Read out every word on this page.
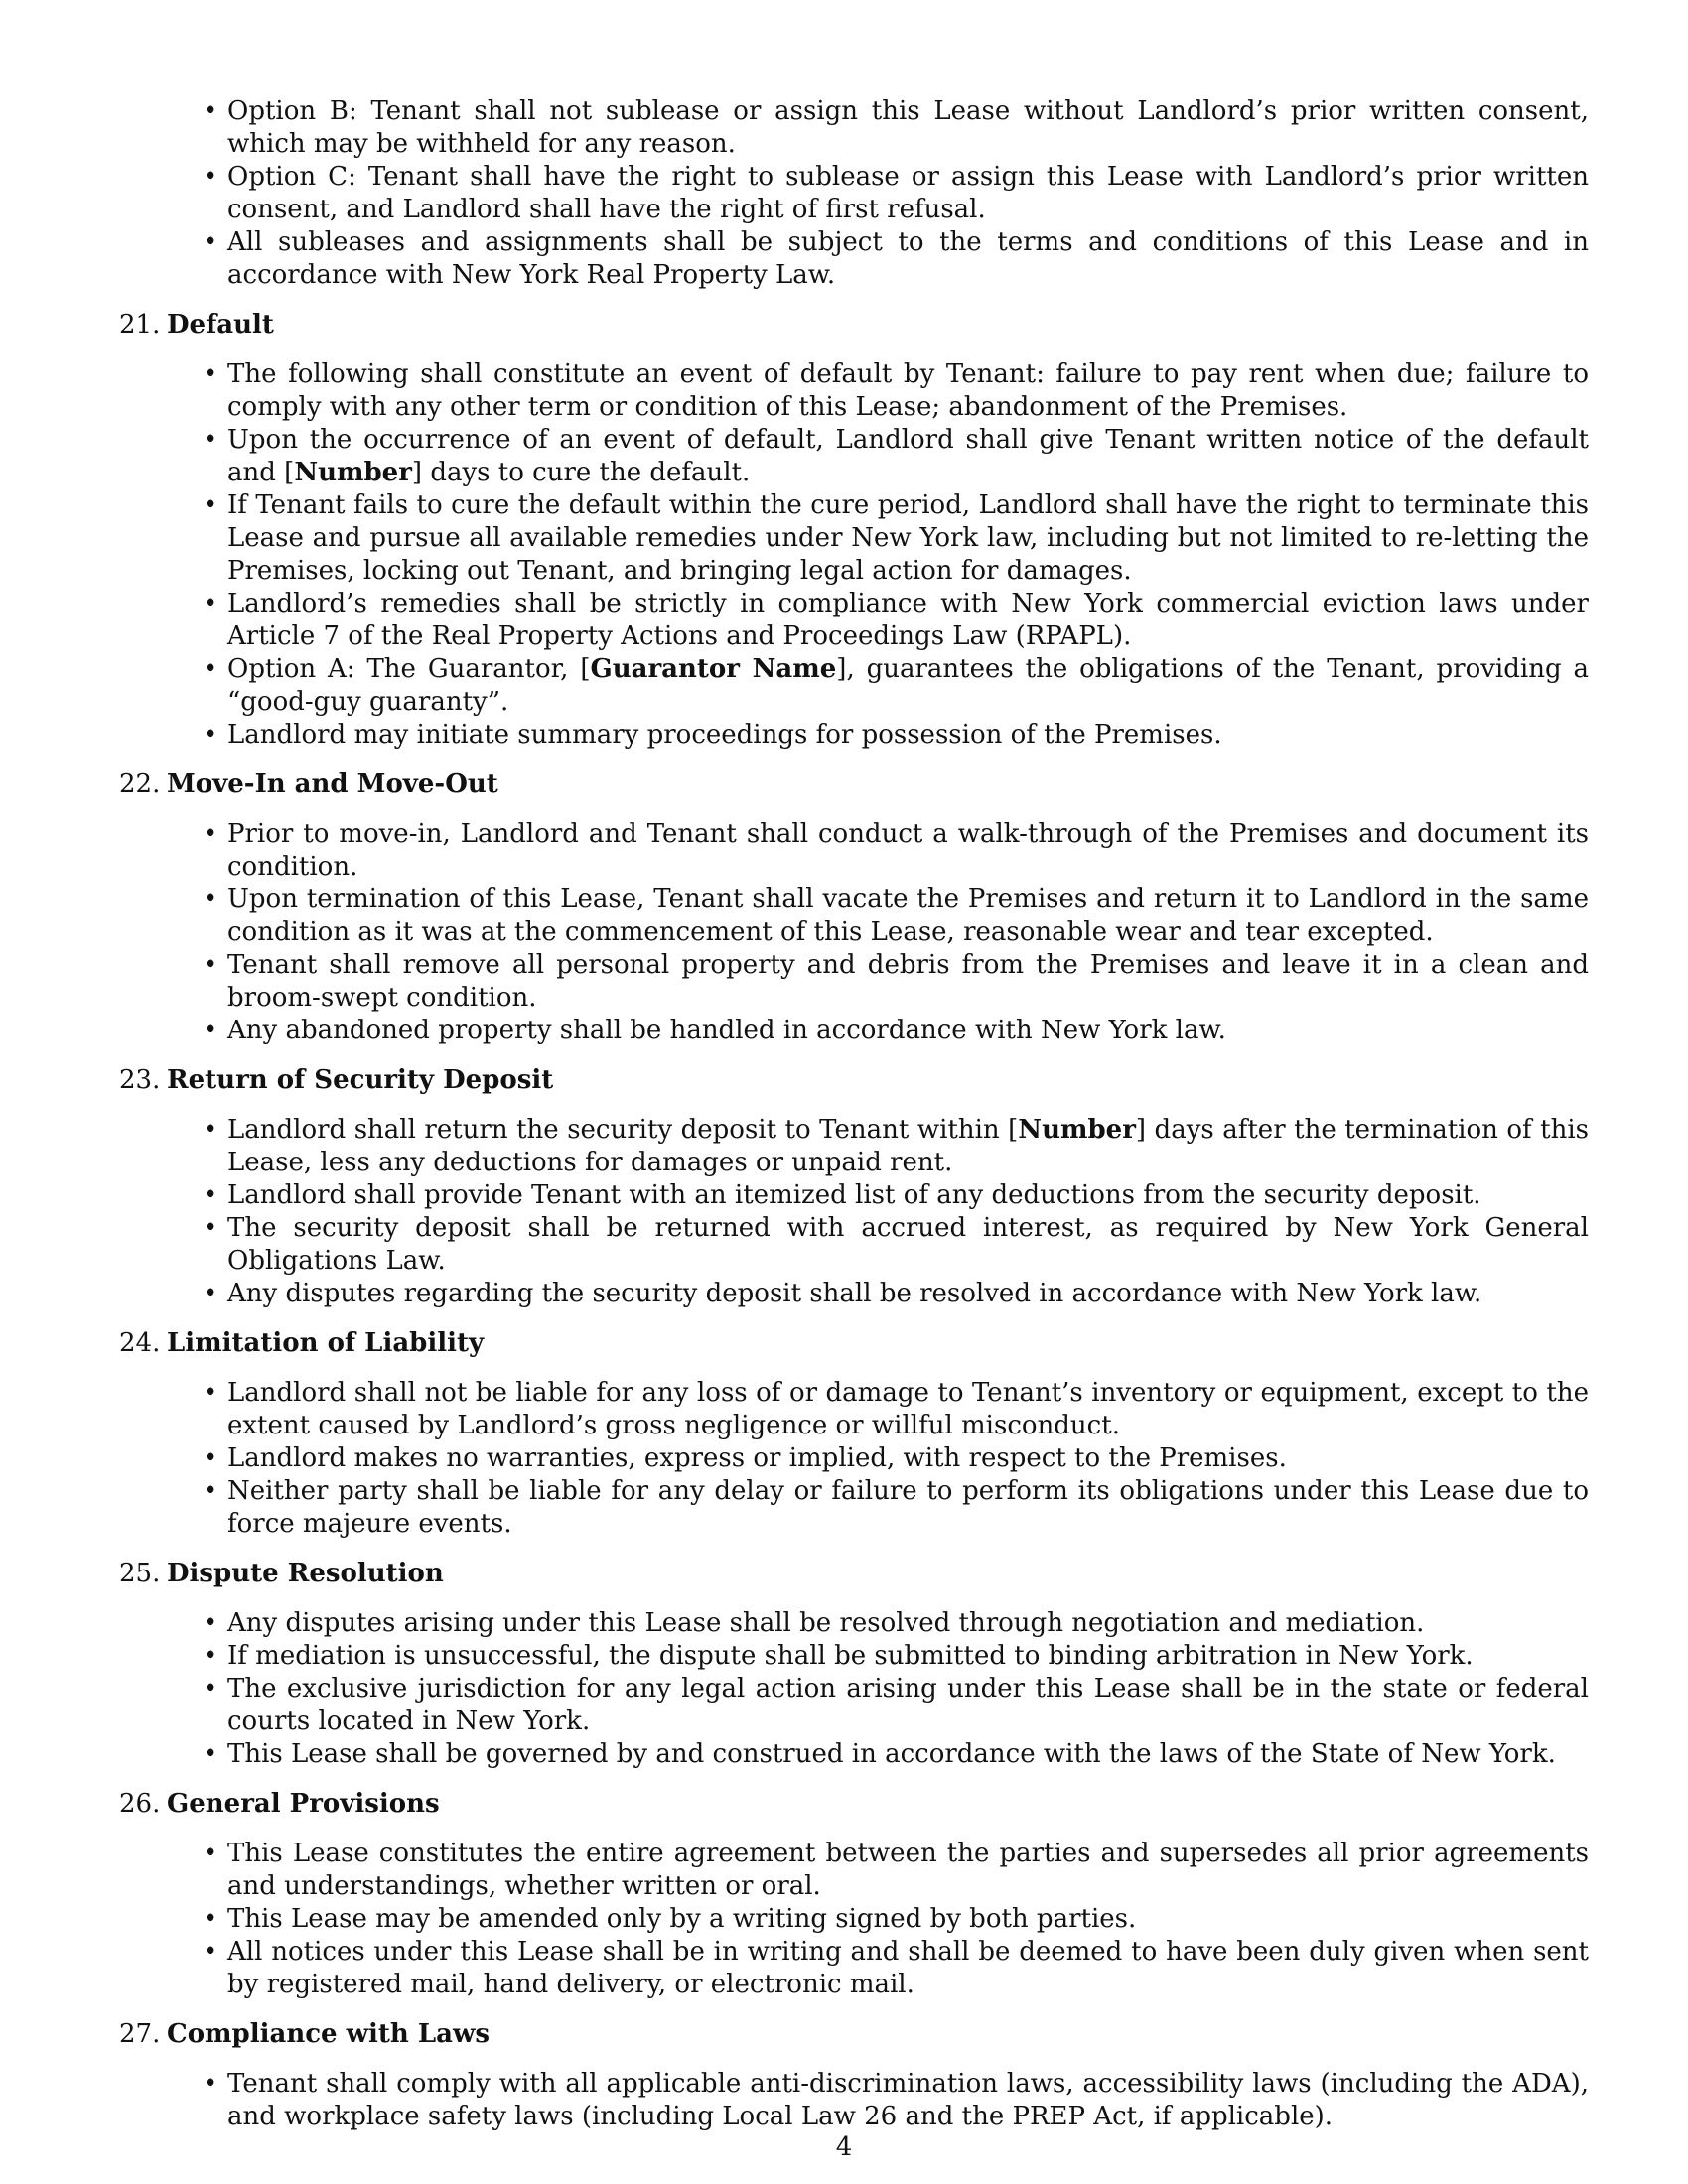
• Option B: Tenant shall not sublease or assign this Lease without Landlord’s prior written consent, which may be withheld for any reason.
• Option C: Tenant shall have the right to sublease or assign this Lease with Landlord’s prior written consent, and Landlord shall have the right of first refusal.
• All subleases and assignments shall be subject to the terms and conditions of this Lease and in accordance with New York Real Property Law.
21. Default
• The following shall constitute an event of default by Tenant: failure to pay rent when due; failure to comply with any other term or condition of this Lease; abandonment of the Premises.
• Upon the occurrence of an event of default, Landlord shall give Tenant written notice of the default and [Number] days to cure the default.
• If Tenant fails to cure the default within the cure period, Landlord shall have the right to terminate this Lease and pursue all available remedies under New York law, including but not limited to re-letting the Premises, locking out Tenant, and bringing legal action for damages.
• Landlord’s remedies shall be strictly in compliance with New York commercial eviction laws under Article 7 of the Real Property Actions and Proceedings Law (RPAPL).
• Option A: The Guarantor, [Guarantor Name], guarantees the obligations of the Tenant, providing a “good-guy guaranty”.
• Landlord may initiate summary proceedings for possession of the Premises.
22. Move-In and Move-Out
• Prior to move-in, Landlord and Tenant shall conduct a walk-through of the Premises and document its condition.
• Upon termination of this Lease, Tenant shall vacate the Premises and return it to Landlord in the same condition as it was at the commencement of this Lease, reasonable wear and tear excepted.
• Tenant shall remove all personal property and debris from the Premises and leave it in a clean and broom-swept condition.
• Any abandoned property shall be handled in accordance with New York law.
23. Return of Security Deposit
• Landlord shall return the security deposit to Tenant within [Number] days after the termination of this Lease, less any deductions for damages or unpaid rent.
• Landlord shall provide Tenant with an itemized list of any deductions from the security deposit.
• The security deposit shall be returned with accrued interest, as required by New York General Obligations Law.
• Any disputes regarding the security deposit shall be resolved in accordance with New York law.
24. Limitation of Liability
• Landlord shall not be liable for any loss of or damage to Tenant’s inventory or equipment, except to the extent caused by Landlord’s gross negligence or willful misconduct.
• Landlord makes no warranties, express or implied, with respect to the Premises.
• Neither party shall be liable for any delay or failure to perform its obligations under this Lease due to force majeure events.
25. Dispute Resolution
• Any disputes arising under this Lease shall be resolved through negotiation and mediation.
• If mediation is unsuccessful, the dispute shall be submitted to binding arbitration in New York.
• The exclusive jurisdiction for any legal action arising under this Lease shall be in the state or federal courts located in New York.
• This Lease shall be governed by and construed in accordance with the laws of the State of New York.
26. General Provisions
• This Lease constitutes the entire agreement between the parties and supersedes all prior agreements and understandings, whether written or oral.
• This Lease may be amended only by a writing signed by both parties.
• All notices under this Lease shall be in writing and shall be deemed to have been duly given when sent by registered mail, hand delivery, or electronic mail.
27. Compliance with Laws
• Tenant shall comply with all applicable anti-discrimination laws, accessibility laws (including the ADA), and workplace safety laws (including Local Law 26 and the PREP Act, if applicable).
4
